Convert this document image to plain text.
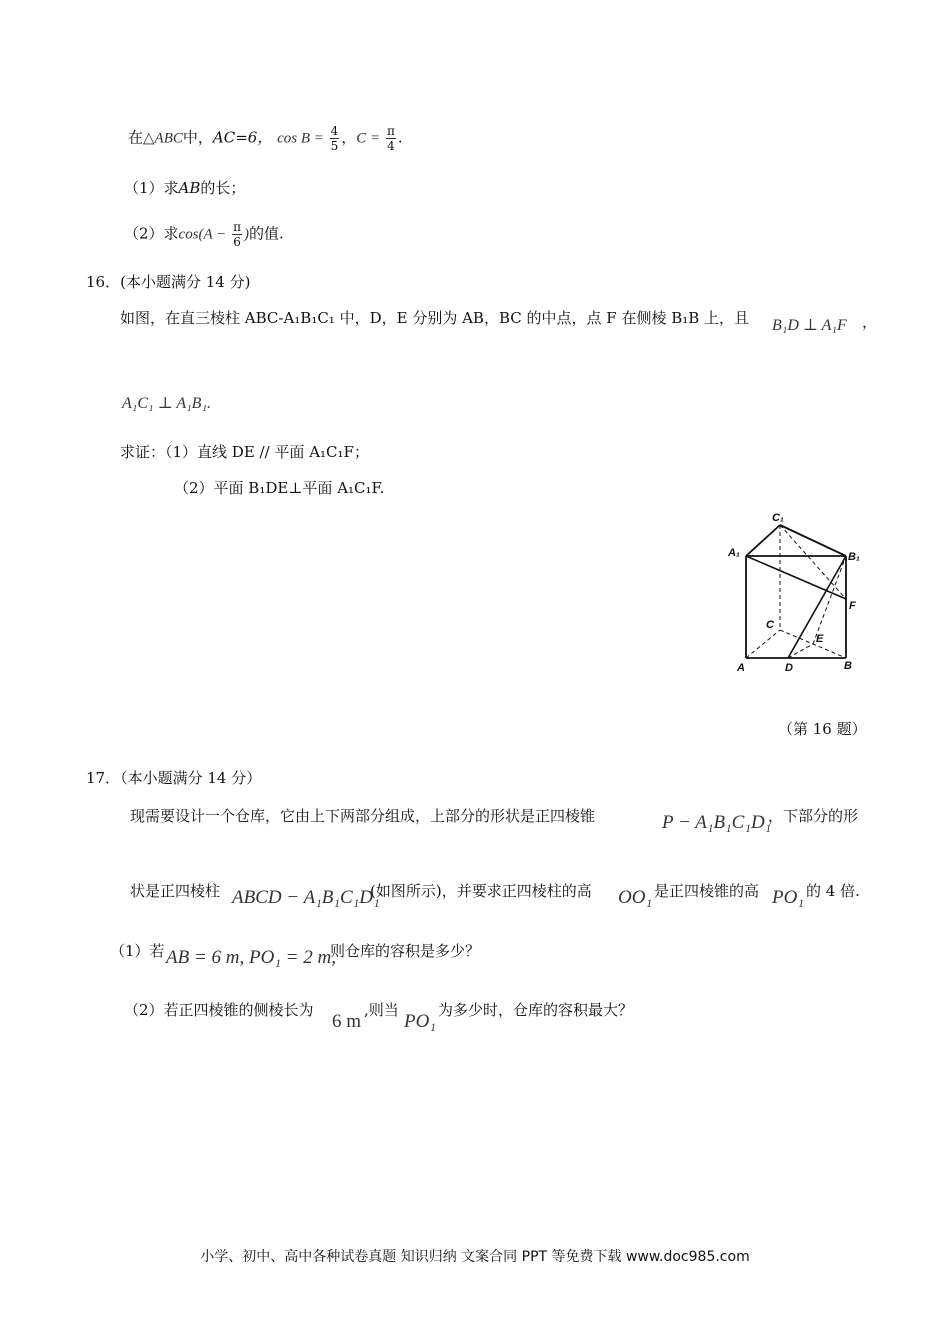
在△ABC中，AC=6， $\cos B = \frac{4}{5}$ ，$C = \frac{\pi}{4}$ .
（1）求AB的长；
（2）求$\cos(A - \frac{\pi}{6}$ )的值.
16．(本小题满分 14 分)
如图，在直三棱柱 ABC-A₁B₁C₁ 中，D，E 分别为 AB，BC 的中点，点 F 在侧棱 B₁B 上，且 B₁D ⊥ A₁F ，
A₁C₁ ⊥ A₁B₁.
求证：（1）直线 DE // 平面 A₁C₁F；
（2）平面 B₁DE⊥平面 A₁C₁F.
C₁
A₁	B₁
F
C
E
A	D	B
（第 16 题）
17．（本小题满分 14 分）
现需要设计一个仓库，它由上下两部分组成，上部分的形状是正四棱锥	P − A₁B₁C₁D₁
，下部分的形
状是正四棱柱 ABCD − A₁B₁C₁D₁
(如图所示)，并要求正四棱柱的高 OO₁ 是正四棱锥的高 PO₁ 的 4 倍.
（1）若 AB = 6 m, PO₁ = 2 m,
则仓库的容积是多少？
（2）若正四棱锥的侧棱长为
6 m
,则当
PO₁
为多少时，仓库的容积最大？
小学、初中、高中各种试卷真题 知识归纳 文案合同 PPT 等免费下载 www.doc985.com
